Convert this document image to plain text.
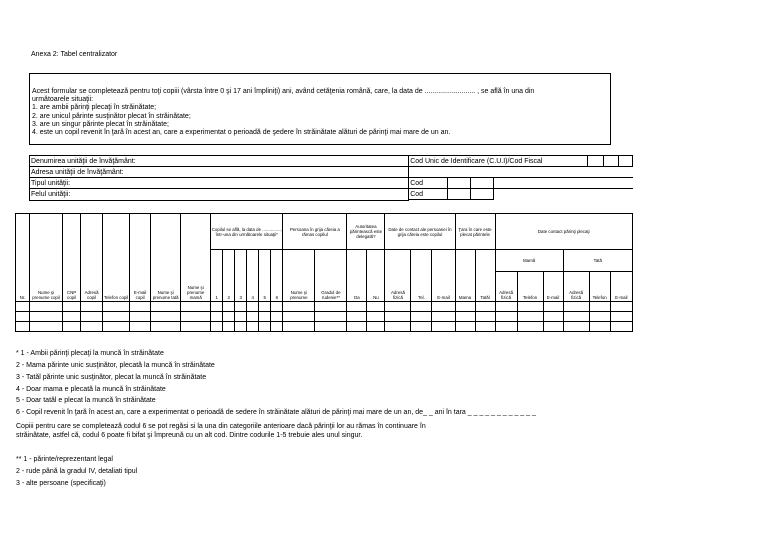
Anexa 2: Tabel centralizator
Acest formular se completează pentru toţi copiii (vârsta între 0 şi 17 ani împliniţi) ani, având cetăţenia română, care, la data de .......................... , se află în una din
următoarele situaţii:
1. are ambii părinţi plecaţi în străinătate;
2. are unicul părinte susţinător plecat în străinătate;
3. are un singur părinte plecat în străinătate;
4. este un copil revenit în ţară în acest an, care a experimentat o perioadă de şedere în străinătate alături de părinţi mai mare de un an.
Denumirea unităţii de învăţământ:		Cod Unic de Identificare (C.U.I)/Cod Fiscal			

Adresa unităţii de învăţământ:	
Tipul unităţii:		Cod		

Felul unităţii:		Cod		
Nr.	Nume şi prenume copil	CNP copil	Adresă copil	Telefon copil	E-mail copil	Nume şi prenume tată	Nume şi prenume mamă	Copilul se află, la data de ..............., într-una din următoarele situaţii*						Persoana în grija căreia a rămas copilul		Autoritatea părintească este delegată?		Date de contact ale persoanei în grija căreia este copilul			Ţara în care este plecat părintele		Date contact părinţi plecaţi					
								1	2	3	4	5	6	Nume şi prenume	Gradul de rudenie**	Da	Nu	Adresă fizică	Tel.	E-mail	Mama	Tatăl	Mamă			Tată		
																							Adresă fizică	Telefon	E-mail	Adresă fizică	Telefon	E-mail

* 1 - Ambii părinţi plecaţi la muncă în străinătate
2 - Mama părinte unic susţinător, plecată la muncă în străinătate
3 - Tatăl părinte unic susţinător, plecat la muncă în străinătate
4 - Doar mama e plecată la muncă în străinătate
5 - Doar tatăl e plecat la muncă în străinătate
6 - Copil revenit în ţară în acest an, care a experimentat o perioadă de sedere în străinătate alături de părinţi mai mare de un an, de_ _ ani în tara _ _ _ _ _ _ _ _ _ _ _ _
Copiii pentru care se completează codul 6 se pot regăsi si la una din categoriile anterioare dacă părinţii lor au rămas în continuare în
străinătate, astfel că, codul 6 poate fi bifat şi împreună cu un alt cod. Dintre codurile 1-5 trebuie ales unul singur.
** 1 - părinte/reprezentant legal
2 - rude până la gradul IV, detaliati tipul
3 - alte persoane (specificaţi)
